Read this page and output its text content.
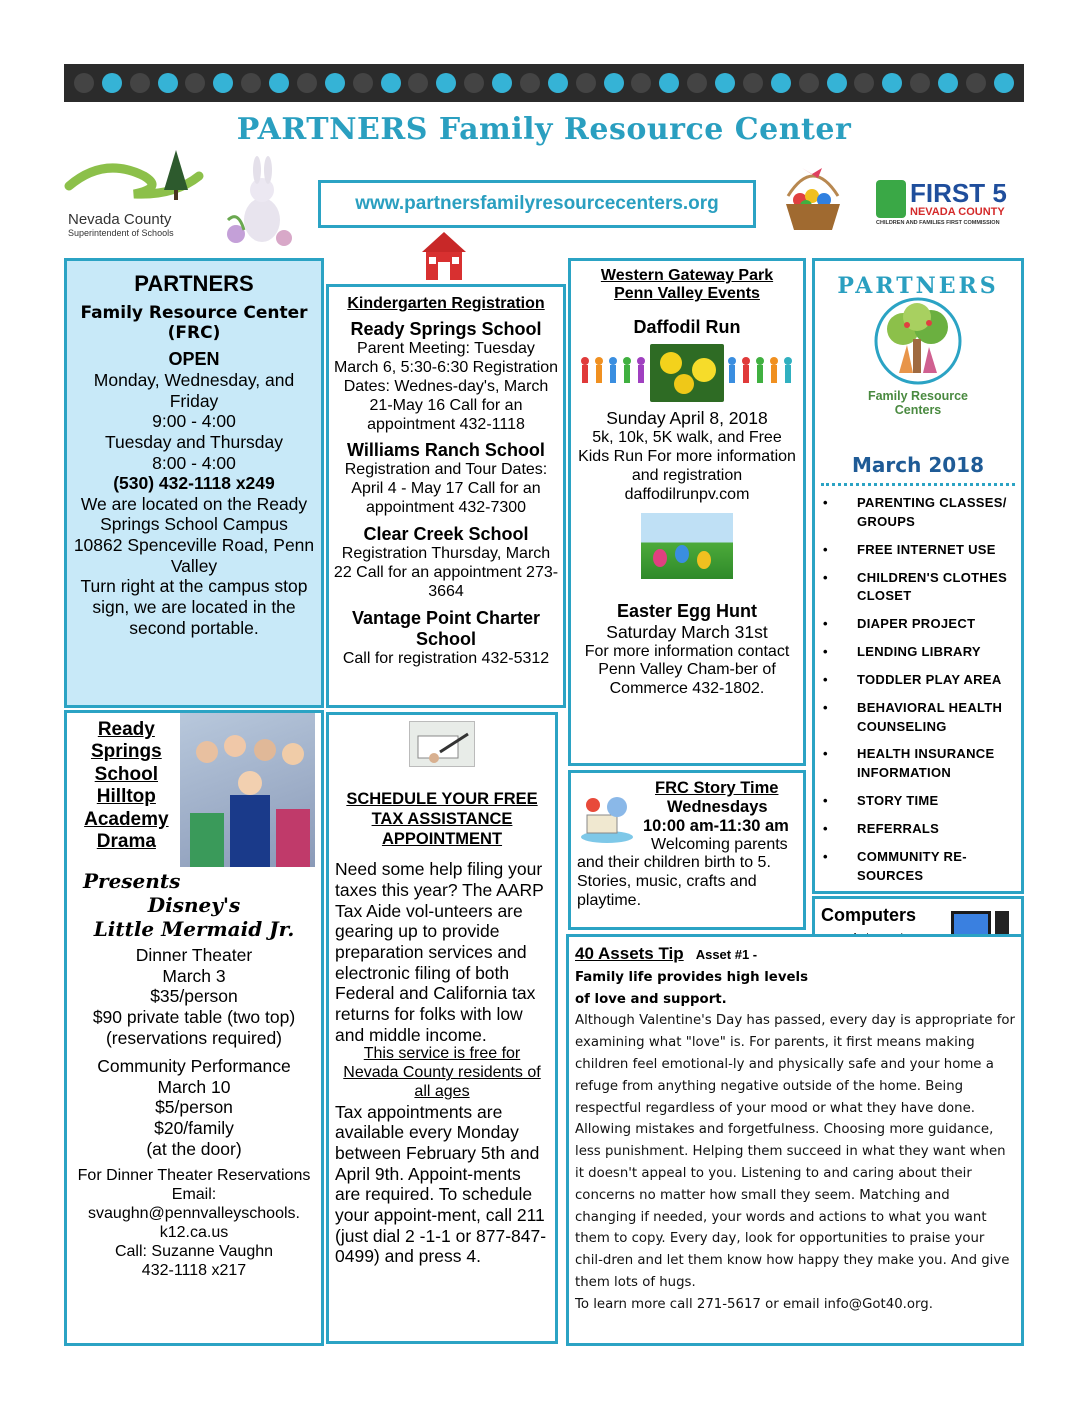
PARTNERS Family Resource Center
Nevada County
Superintendent of Schools
www.partnersfamilyresourcecenters.org	FIRST 5
NEVADA COUNTY
CHILDREN AND FAMILIES FIRST COMMISSION
PARTNERS
Family Resource Center
(FRC)
OPEN

Monday, Wednesday, and Friday

9:00 - 4:00

Tuesday and Thursday

8:00 - 4:00

(530) 432-1118 x249

We are located on the Ready Springs School Campus

10862 Spenceville Road, Penn Valley

Turn right at the campus stop sign, we are located in the second portable.

Kindergarten Registration
Ready Springs School

Parent Meeting: Tuesday March 6, 5:30-6:30 Registration Dates: Wednes-day's, March 21-May 16 Call for an appointment 432-1118

Williams Ranch School

Registration and Tour Dates: April 4 - May 17 Call for an appointment 432-7300

Clear Creek School

Registration Thursday, March 22 Call for an appointment 273-3664

Vantage Point Charter School

Call for registration 432-5312

Western Gateway Park
Penn Valley Events
Daffodil Run
Sunday April 8, 2018

5k, 10k, 5K walk, and Free Kids Run For more information and registration daffodilrunpv.com

Easter Egg Hunt
Saturday March 31st

For more information contact Penn Valley Cham-ber of Commerce 432-1802.

PARTNERS
Family Resource
Centers
March 2018
• PARENTING CLASSES/ GROUPS
• FREE INTERNET USE
• CHILDREN'S CLOTHES CLOSET
• DIAPER PROJECT
• LENDING LIBRARY
• TODDLER PLAY AREA
• BEHAVIORAL HEALTH COUNSELING
• HEALTH INSURANCE INFORMATION
• STORY TIME
• REFERRALS
• COMMUNITY RE-SOURCES
Computers
Ready
Springs
School
Hilltop
Academy
Drama
Presents
Disney's
Little Mermaid Jr.

Dinner Theater

March 3

$35/person

$90 private table (two top)

(reservations required)

Community Performance

March 10

$5/person

$20/family

(at the door)

For Dinner Theater Reservations

Email:

svaughn@pennvalleyschools. k12.ca.us

Call: Suzanne Vaughn

432-1118 x217

SCHEDULE YOUR FREE TAX ASSISTANCE APPOINTMENT

Need some help filing your taxes this year? The AARP Tax Aide vol-unteers are gearing up to provide preparation services and electronic filing of both Federal and California tax returns for folks with low and middle income.

This service is free for Nevada County residents of all ages

Tax appointments are available every Monday between February 5th and April 9th. Appoint-ments are required. To schedule your appoint-ment, call 211 (just dial 2 -1-1 or 877-847-0499) and press 4.

FRC Story Time
Wednesdays
10:00 am-11:30 am
Welcoming parents

and their children birth to 5. Stories, music, crafts and playtime.

40 Assets Tip Asset #1 -
Family life provides high levels of love and support.
Although Valentine's Day has passed, every day is appropriate for examining what "love" is. For parents, it first means making children feel emotional-ly and physically safe and your home a refuge from anything negative outside of the home. Being respectful regardless of your mood or what they have done. Allowing mistakes and forgetfulness. Choosing more guidance, less punishment. Helping them succeed in what they want when it doesn't appeal to you. Listening to and caring about their concerns no matter how small they seem. Matching and changing if needed, your words and actions to what you want them to copy. Every day, look for opportunities to praise your chil-dren and let them know how happy they make you. And give them lots of hugs.
To learn more call 271-5617 or email info@Got40.org.
